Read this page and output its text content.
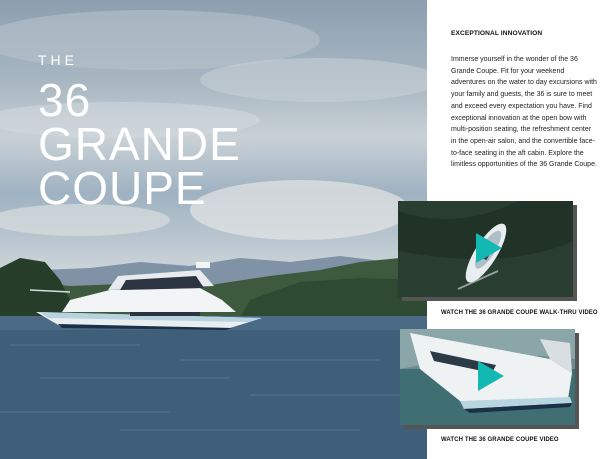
THE
36
GRANDE
COUPE
EXCEPTIONAL INNOVATION
Immerse yourself in the wonder of the 36 Grande Coupe. Fit for your weekend adventures on the water to day excursions with your family and guests, the 36 is sure to meet and exceed every expectation you have. Find exceptional innovation at the open bow with multi-position seating, the refreshment center in the open-air salon, and the convertible face-to-face seating in the aft cabin. Explore the limitless opportunities of the 36 Grande Coupe.
WATCH THE 36 GRANDE COUPE WALK-THRU VIDEO
WATCH THE 36 GRANDE COUPE VIDEO
